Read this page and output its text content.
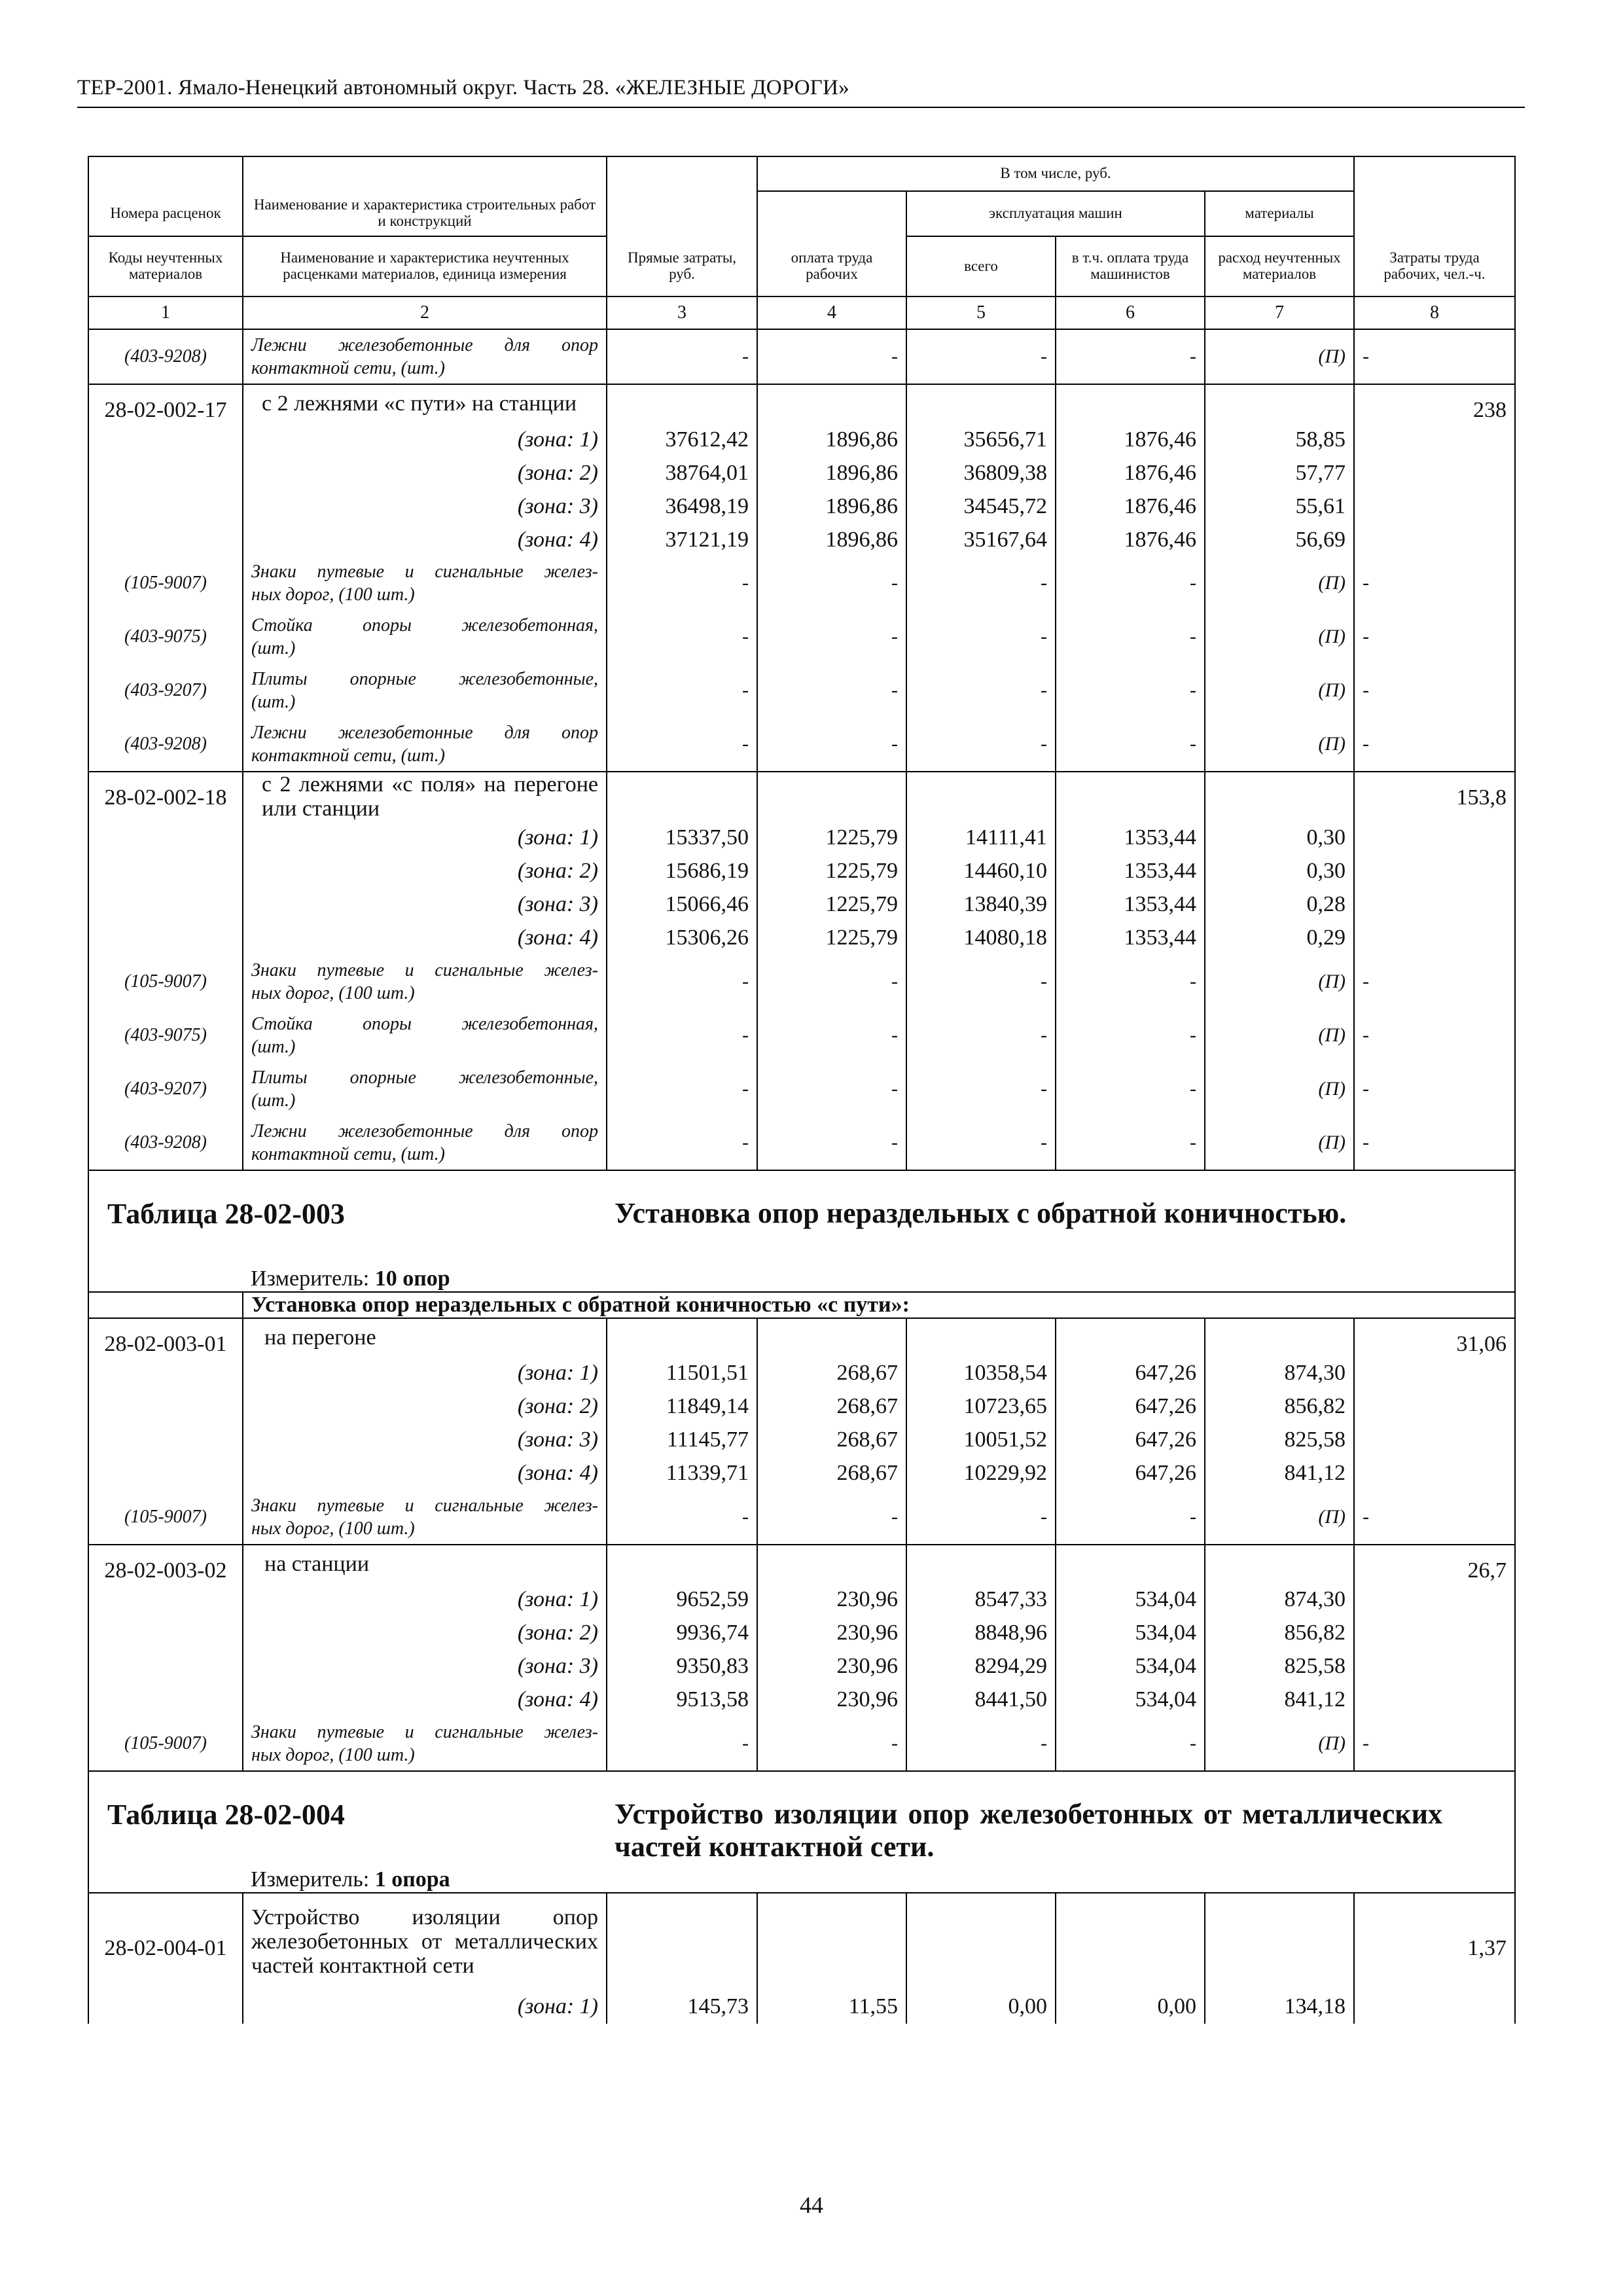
ТЕР-2001. Ямало-Ненецкий автономный округ. Часть 28. «ЖЕЛЕЗНЫЕ ДОРОГИ»
			В том числе, руб.				
Номера расценок	Наименование и характеристика строительных работ и конструкций			эксплуатация машин		материалы	
Коды неучтенных материалов	Наименование и характеристика неучтенных расценками материалов, единица измерения	Прямые затраты, руб.	оплата труда рабочих	всего	в т.ч. оплата труда машинистов	расход неучтенных материалов	Затраты труда рабочих, чел.-ч.
1	2	3	4	5	6	7	8
(403-9208)	Лежни железобетонные для опор
контактной сети, (шт.)	-	-	-	-	(П)	-
28-02-002-17	с 2 лежнями «с пути» на станции						238
	(зона: 1)	37612,42	1896,86	35656,71	1876,46	58,85	
	(зона: 2)	38764,01	1896,86	36809,38	1876,46	57,77	
	(зона: 3)	36498,19	1896,86	34545,72	1876,46	55,61	
	(зона: 4)	37121,19	1896,86	35167,64	1876,46	56,69	
(105-9007)	Знаки путевые и сигнальные желез-
ных дорог, (100 шт.)	-	-	-	-	(П)	-
(403-9075)	Стойка опоры железобетонная,
(шт.)	-	-	-	-	(П)	-
(403-9207)	Плиты опорные железобетонные,
(шт.)	-	-	-	-	(П)	-
(403-9208)	Лежни железобетонные для опор
контактной сети, (шт.)	-	-	-	-	(П)	-
28-02-002-18	с 2 лежнями «с поля» на перегоне или станции						153,8
	(зона: 1)	15337,50	1225,79	14111,41	1353,44	0,30	
	(зона: 2)	15686,19	1225,79	14460,10	1353,44	0,30	
	(зона: 3)	15066,46	1225,79	13840,39	1353,44	0,28	
	(зона: 4)	15306,26	1225,79	14080,18	1353,44	0,29	
(105-9007)	Знаки путевые и сигнальные желез-
ных дорог, (100 шт.)	-	-	-	-	(П)	-
(403-9075)	Стойка опоры железобетонная,
(шт.)	-	-	-	-	(П)	-
(403-9207)	Плиты опорные железобетонные,
(шт.)	-	-	-	-	(П)	-
(403-9208)	Лежни железобетонные для опор
контактной сети, (шт.)	-	-	-	-	(П)	-
Таблица 28-02-003		Установка опор нераздельных с обратной коничностью.					
	Измеритель: 10 опор						
	Установка опор нераздельных с обратной коничностью «с пути»:						
28-02-003-01	на перегоне						31,06
	(зона: 1)	11501,51	268,67	10358,54	647,26	874,30	
	(зона: 2)	11849,14	268,67	10723,65	647,26	856,82	
	(зона: 3)	11145,77	268,67	10051,52	647,26	825,58	
	(зона: 4)	11339,71	268,67	10229,92	647,26	841,12	
(105-9007)	Знаки путевые и сигнальные желез-
ных дорог, (100 шт.)	-	-	-	-	(П)	-
28-02-003-02	на станции						26,7
	(зона: 1)	9652,59	230,96	8547,33	534,04	874,30	
	(зона: 2)	9936,74	230,96	8848,96	534,04	856,82	
	(зона: 3)	9350,83	230,96	8294,29	534,04	825,58	
	(зона: 4)	9513,58	230,96	8441,50	534,04	841,12	
(105-9007)	Знаки путевые и сигнальные желез-
ных дорог, (100 шт.)	-	-	-	-	(П)	-
Таблица 28-02-004		Устройство изоляции опор железобетонных от металлических частей контактной сети.					
	Измеритель: 1 опора						
28-02-004-01	Устройство изоляции опор железобетонных от металлических частей контактной сети						1,37
	(зона: 1)	145,73	11,55	0,00	0,00	134,18	
44
